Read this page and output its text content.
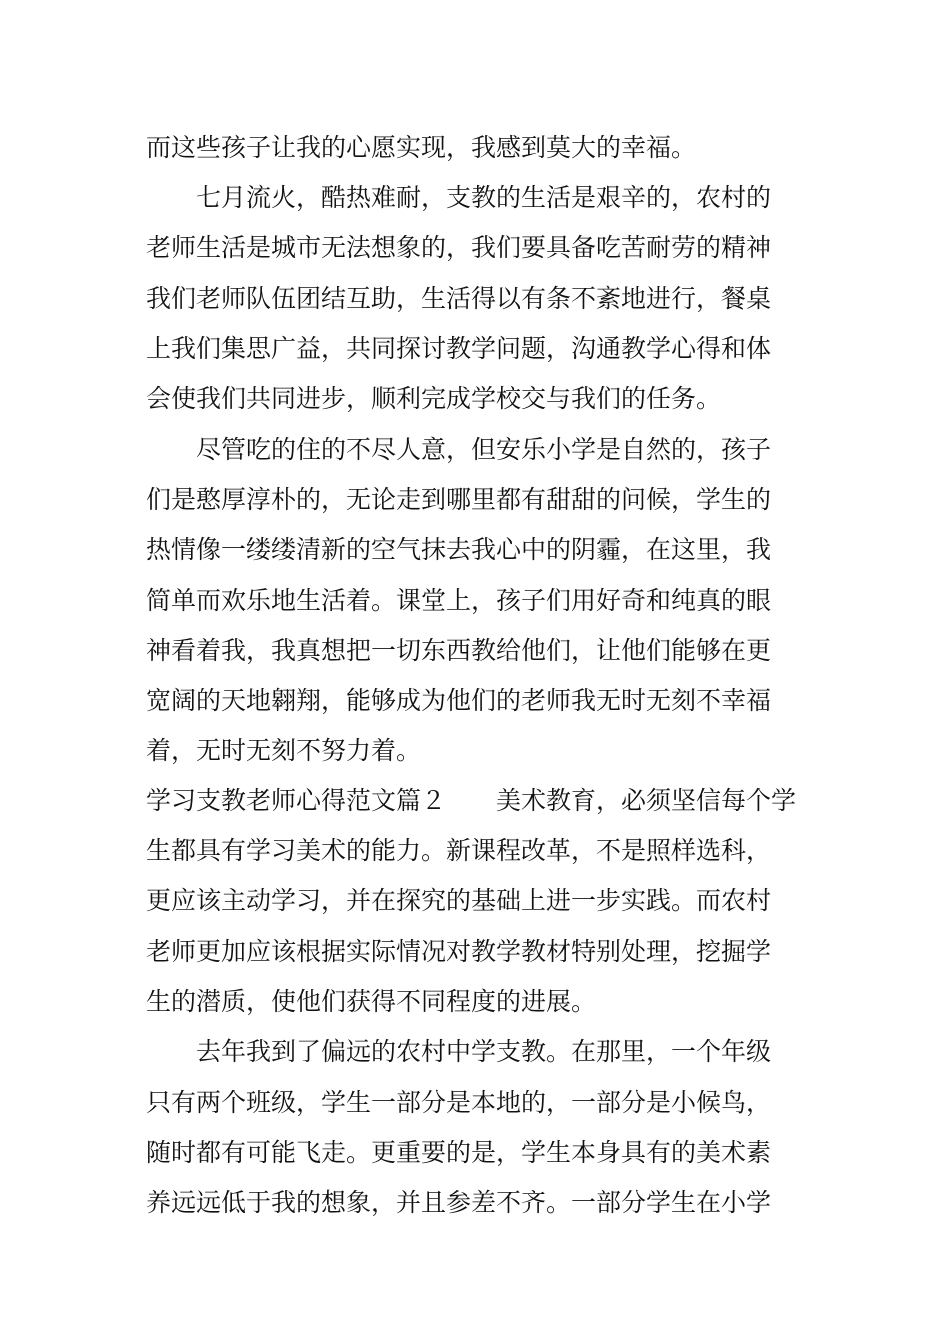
而这些孩子让我的心愿实现，我感到莫大的幸福。
七月流火，酷热难耐，支教的生活是艰辛的，农村的
老师生活是城市无法想象的，我们要具备吃苦耐劳的精神
我们老师队伍团结互助，生活得以有条不紊地进行，餐桌
上我们集思广益，共同探讨教学问题，沟通教学心得和体
会使我们共同进步，顺利完成学校交与我们的任务。
尽管吃的住的不尽人意，但安乐小学是自然的，孩子
们是憨厚淳朴的，无论走到哪里都有甜甜的问候，学生的
热情像一缕缕清新的空气抹去我心中的阴霾，在这里，我
简单而欢乐地生活着。课堂上，孩子们用好奇和纯真的眼
神看着我，我真想把一切东西教给他们，让他们能够在更
宽阔的天地翱翔，能够成为他们的老师我无时无刻不幸福
着，无时无刻不努力着。
学习支教老师心得范文篇２　　美术教育，必须坚信每个学
生都具有学习美术的能力。新课程改革，不是照样选科，
更应该主动学习，并在探究的基础上进一步实践。而农村
老师更加应该根据实际情况对教学教材特别处理，挖掘学
生的潜质，使他们获得不同程度的进展。
去年我到了偏远的农村中学支教。在那里，一个年级
只有两个班级，学生一部分是本地的，一部分是小候鸟，
随时都有可能飞走。更重要的是，学生本身具有的美术素
养远远低于我的想象，并且参差不齐。一部分学生在小学
